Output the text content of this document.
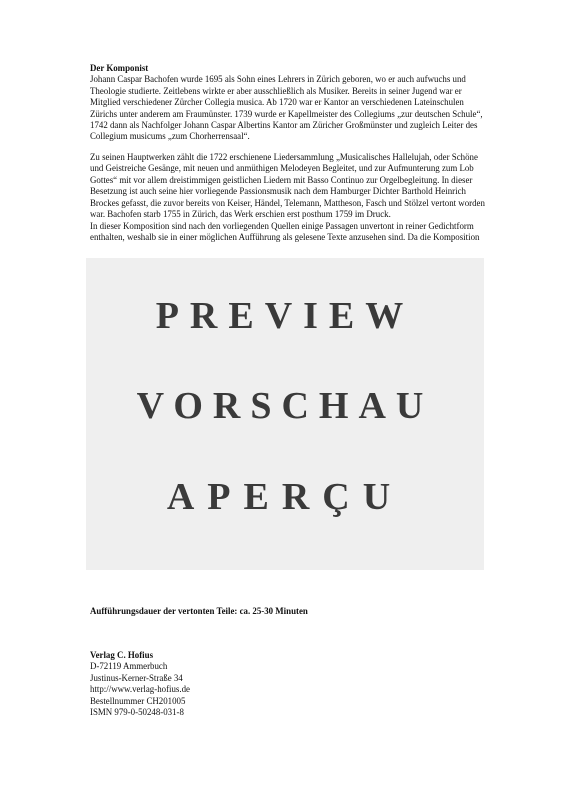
Der Komponist

Johann Caspar Bachofen wurde 1695 als Sohn eines Lehrers in Zürich geboren, wo er auch aufwuchs und Theologie studierte. Zeitlebens wirkte er aber ausschließlich als Musiker. Bereits in seiner Jugend war er Mitglied verschiedener Zürcher Collegia musica. Ab 1720 war er Kantor an verschiedenen Lateinschulen Zürichs unter anderem am Fraumünster. 1739 wurde er Kapellmeister des Collegiums „zur deutschen Schule“, 1742 dann als Nachfolger Johann Caspar Albertins Kantor am Züricher Großmünster und zugleich Leiter des Collegium musicums „zum Chorherrensaal“.

Zu seinen Hauptwerken zählt die 1722 erschienene Liedersammlung „Musicalisches Hallelujah, oder Schöne und Geistreiche Gesänge, mit neuen und anmüthigen Melodeyen Begleitet, und zur Aufmunterung zum Lob Gottes“ mit vor allem dreistimmigen geistlichen Liedern mit Basso Continuo zur Orgelbegleitung. In dieser Besetzung ist auch seine hier vorliegende Passionsmusik nach dem Hamburger Dichter Barthold Heinrich Brockes gefasst, die zuvor bereits von Keiser, Händel, Telemann, Mattheson, Fasch und Stölzel vertont worden war. Bachofen starb 1755 in Zürich, das Werk erschien erst posthum 1759 im Druck.

In dieser Komposition sind nach den vorliegenden Quellen einige Passagen unvertont in reiner Gedichtform enthalten, weshalb sie in einer möglichen Aufführung als gelesene Texte anzusehen sind. Da die Komposition

PREVIEW
VORSCHAU
APERÇU
Aufführungsdauer der vertonten Teile: ca. 25-30 Minuten
Verlag C. Hofius
D-72119 Ammerbuch
Justinus-Kerner-Straße 34
http://www.verlag-hofius.de
Bestellnummer CH201005
ISMN 979-0-50248-031-8
